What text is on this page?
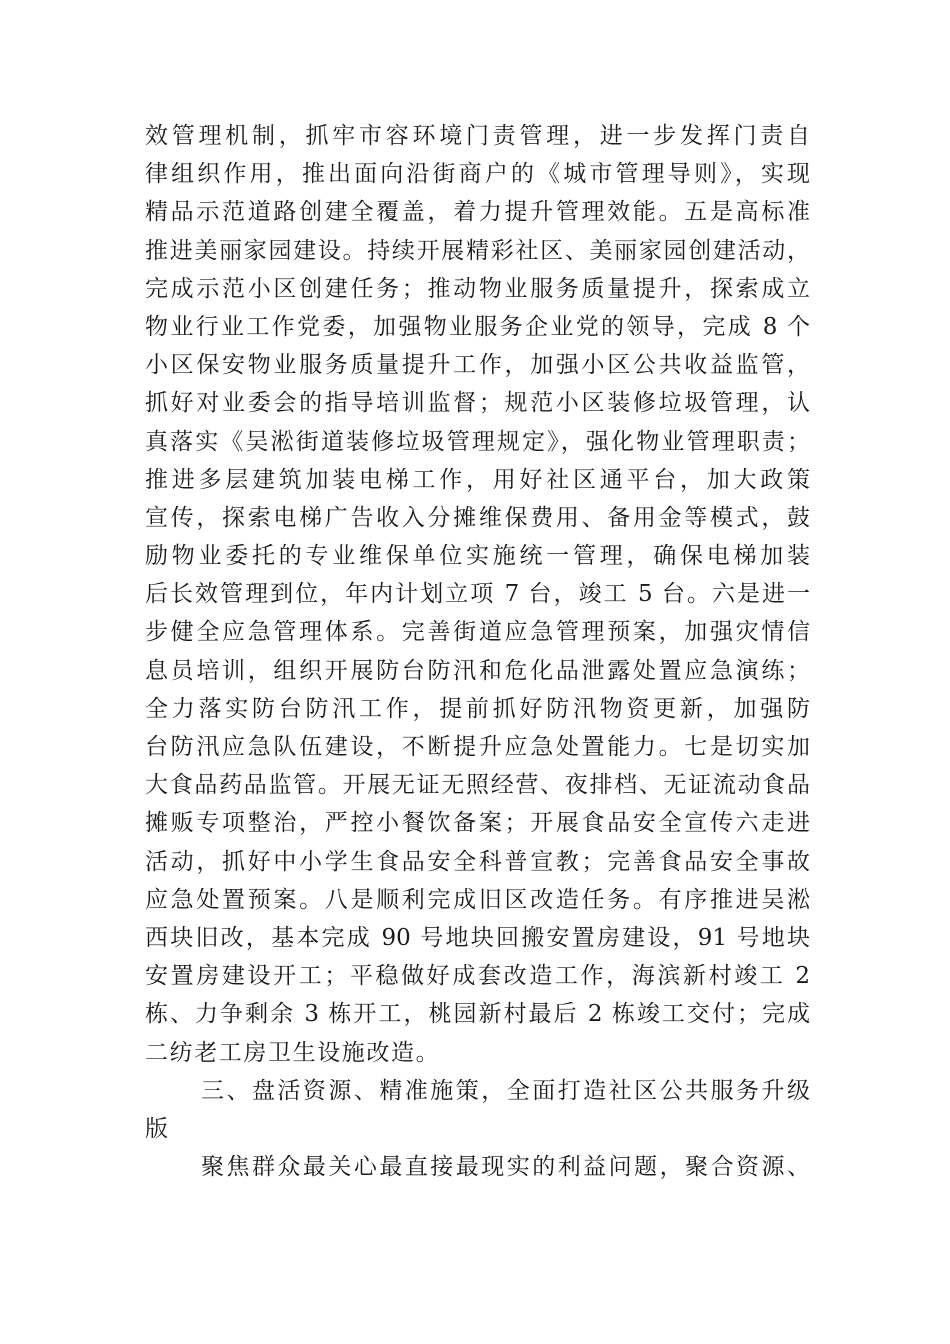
效管理机制，抓牢市容环境门责管理，进一步发挥门责自
律组织作用，推出面向沿街商户的《城市管理导则》，实现
精品示范道路创建全覆盖，着力提升管理效能。五是高标准
推进美丽家园建设。持续开展精彩社区、美丽家园创建活动，
完成示范小区创建任务；推动物业服务质量提升，探索成立
物业行业工作党委，加强物业服务企业党的领导，完成 8 个
小区保安物业服务质量提升工作，加强小区公共收益监管，
抓好对业委会的指导培训监督；规范小区装修垃圾管理，认
真落实《吴淞街道装修垃圾管理规定》，强化物业管理职责；
推进多层建筑加装电梯工作，用好社区通平台，加大政策
宣传，探索电梯广告收入分摊维保费用、备用金等模式，鼓
励物业委托的专业维保单位实施统一管理，确保电梯加装
后长效管理到位，年内计划立项 7 台，竣工 5 台。六是进一
步健全应急管理体系。完善街道应急管理预案，加强灾情信
息员培训，组织开展防台防汛和危化品泄露处置应急演练；
全力落实防台防汛工作，提前抓好防汛物资更新，加强防
台防汛应急队伍建设，不断提升应急处置能力。七是切实加
大食品药品监管。开展无证无照经营、夜排档、无证流动食品
摊贩专项整治，严控小餐饮备案；开展食品安全宣传六走进
活动，抓好中小学生食品安全科普宣教；完善食品安全事故
应急处置预案。八是顺利完成旧区改造任务。有序推进吴淞
西块旧改，基本完成 90 号地块回搬安置房建设，91 号地块
安置房建设开工；平稳做好成套改造工作，海滨新村竣工 2
栋、力争剩余 3 栋开工，桃园新村最后 2 栋竣工交付；完成
二纺老工房卫生设施改造。
三、盘活资源、精准施策，全面打造社区公共服务升级
版
聚焦群众最关心最直接最现实的利益问题，聚合资源、
